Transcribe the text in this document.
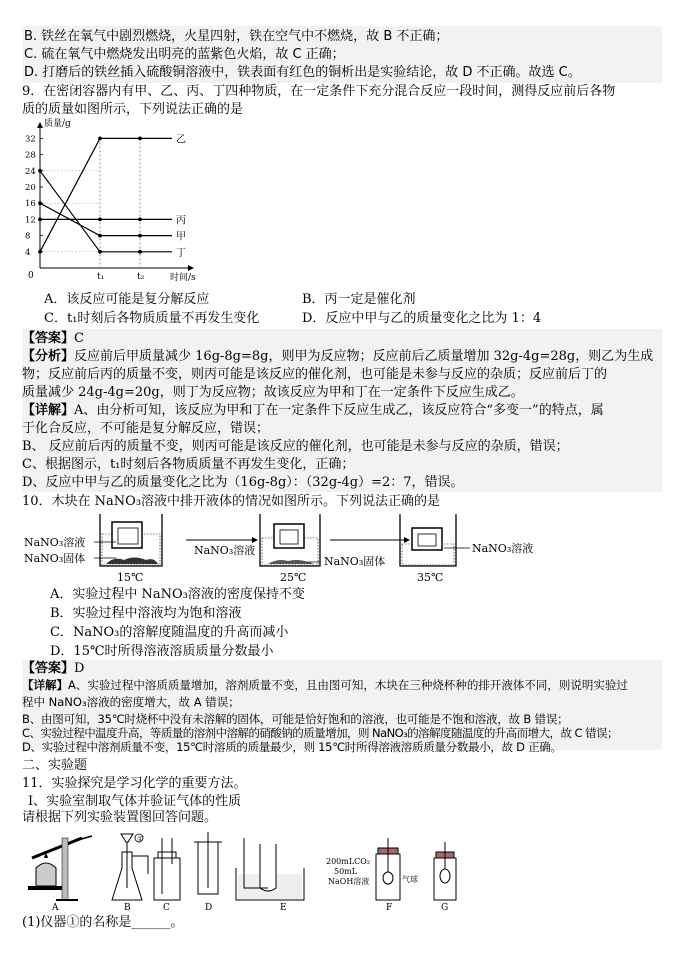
B. 铁丝在氧气中剧烈燃烧，火星四射，铁在空气中不燃烧，故 B 不正确；
C. 硫在氧气中燃烧发出明亮的蓝紫色火焰，故 C 正确；
D. 打磨后的铁丝插入硫酸铜溶液中，铁表面有红色的铜析出是实验结论，故 D 不正确。故选 C。
9．在密闭容器内有甲、乙、丙、丁四种物质，在一定条件下充分混合反应一段时间，测得反应前后各物
质的质量如图所示，下列说法正确的是
质量/g
时间/s
0
4
8
12
16
20
24
28
32
t₁	t₂
乙
丙
甲
丁
A．该反应可能是复分解反应	B．丙一定是催化剂
C．t₁时刻后各物质质量不再发生变化	D．反应中甲与乙的质量变化之比为 1：4
【答案】C
【分析】反应前后甲质量减少 16g-8g=8g，则甲为反应物；反应前后乙质量增加 32g-4g=28g，则乙为生成
物；反应前后丙的质量不变，则丙可能是该反应的催化剂，也可能是未参与反应的杂质；反应前后丁的
质量减少 24g-4g=20g，则丁为反应物；故该反应为甲和丁在一定条件下反应生成乙。
【详解】A、由分析可知，该反应为甲和丁在一定条件下反应生成乙，该反应符合“多变一”的特点，属
于化合反应，不可能是复分解反应，错误；
B、 反应前后丙的质量不变，则丙可能是该反应的催化剂，也可能是未参与反应的杂质，错误；
C、根据图示，t₁时刻后各物质质量不再发生变化，正确；
D、反应中甲与乙的质量变化之比为（16g-8g）：（32g-4g）=2：7，错误。
10．木块在 NaNO₃溶液中排开液体的情况如图所示。下列说法正确的是
NaNO₃溶液
NaNO₃固体
15℃
NaNO₃溶液
25℃
NaNO₃固体
NaNO₃溶液
35℃
A．实验过程中 NaNO₃溶液的密度保持不变
B．实验过程中溶液均为饱和溶液
C．NaNO₃的溶解度随温度的升高而减小
D．15℃时所得溶液溶质质量分数最小
【答案】D
【详解】A、实验过程中溶质质量增加，溶剂质量不变，且由图可知，木块在三种烧杯种的排开液体不同，则说明实验过
程中 NaNO₃溶液的密度增大，故 A 错误；
B、由图可知，35℃时烧杯中没有未溶解的固体，可能是恰好饱和的溶液，也可能是不饱和溶液，故 B 错误；
C、实验过程中温度升高，等质量的溶剂中溶解的硝酸钠的质量增加，则 NaNO₃的溶解度随温度的升高而增大，故 C 错误；
D、实验过程中溶剂质量不变，15℃时溶质的质量最少，则 15℃时所得溶液溶质质量分数最小，故 D 正确。
二、实验题
11．实验探究是学习化学的重要方法。
Ⅰ、实验室制取气体并验证气体的性质
请根据下列实验装置图回答问题。
A
①
B	C	D	E
200mLCO₂
50mL
NaOH溶液
F
气球
G
(1)仪器①的名称是______。
